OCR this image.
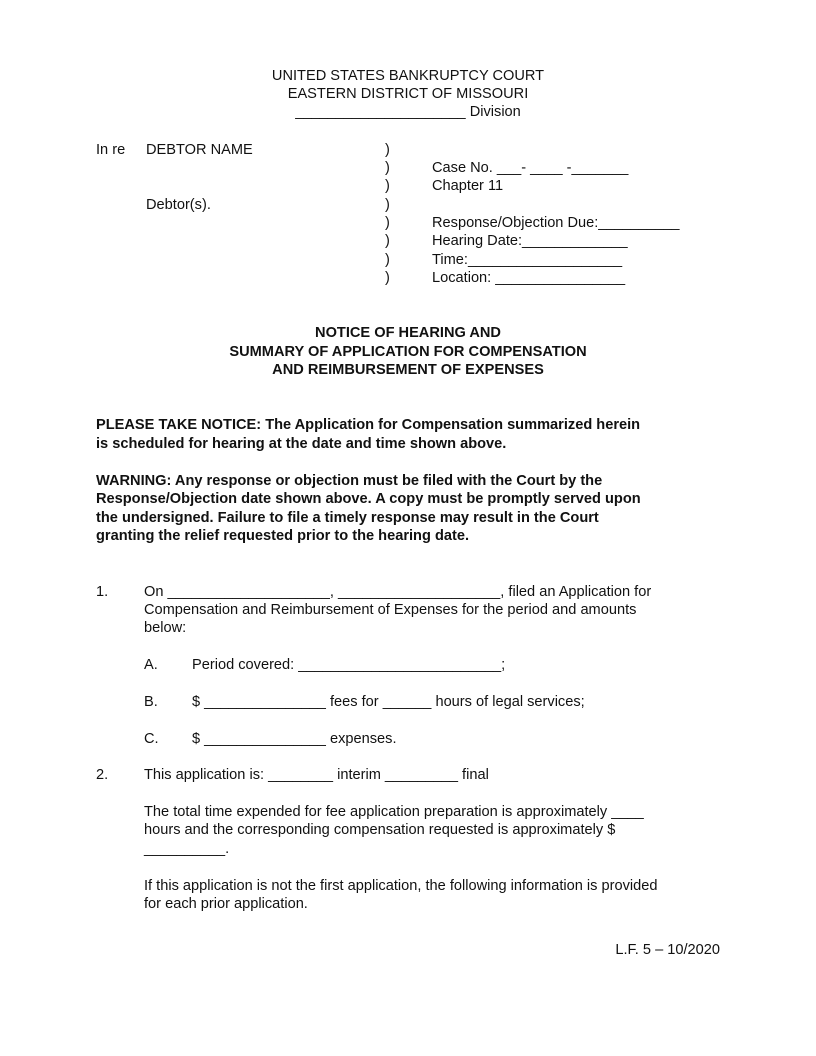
UNITED STATES BANKRUPTCY COURT
EASTERN DISTRICT OF MISSOURI
_____________________ Division
In re DEBTOR NAME
Debtor(s).
)
)
)
)
)
)
)
)
Case No. ___- ____ -_______
Chapter 11
Response/Objection Due:__________
Hearing Date:_____________
Time:___________________
Location: ________________
NOTICE OF HEARING AND
SUMMARY OF APPLICATION FOR COMPENSATION
AND REIMBURSEMENT OF EXPENSES
PLEASE TAKE NOTICE: The Application for Compensation summarized herein
is scheduled for hearing at the date and time shown above.
WARNING: Any response or objection must be filed with the Court by the
Response/Objection date shown above. A copy must be promptly served upon
the undersigned. Failure to file a timely response may result in the Court
granting the relief requested prior to the hearing date.
1. On ____________________, ____________________, filed an Application for
Compensation and Reimbursement of Expenses for the period and amounts
below:
A. Period covered: _________________________;
B. $ _______________ fees for ______ hours of legal services;
C. $ _______________ expenses.
2. This application is: ________ interim _________ final
The total time expended for fee application preparation is approximately ____
hours and the corresponding compensation requested is approximately $
__________.
If this application is not the first application, the following information is provided
for each prior application.
L.F. 5 – 10/2020
